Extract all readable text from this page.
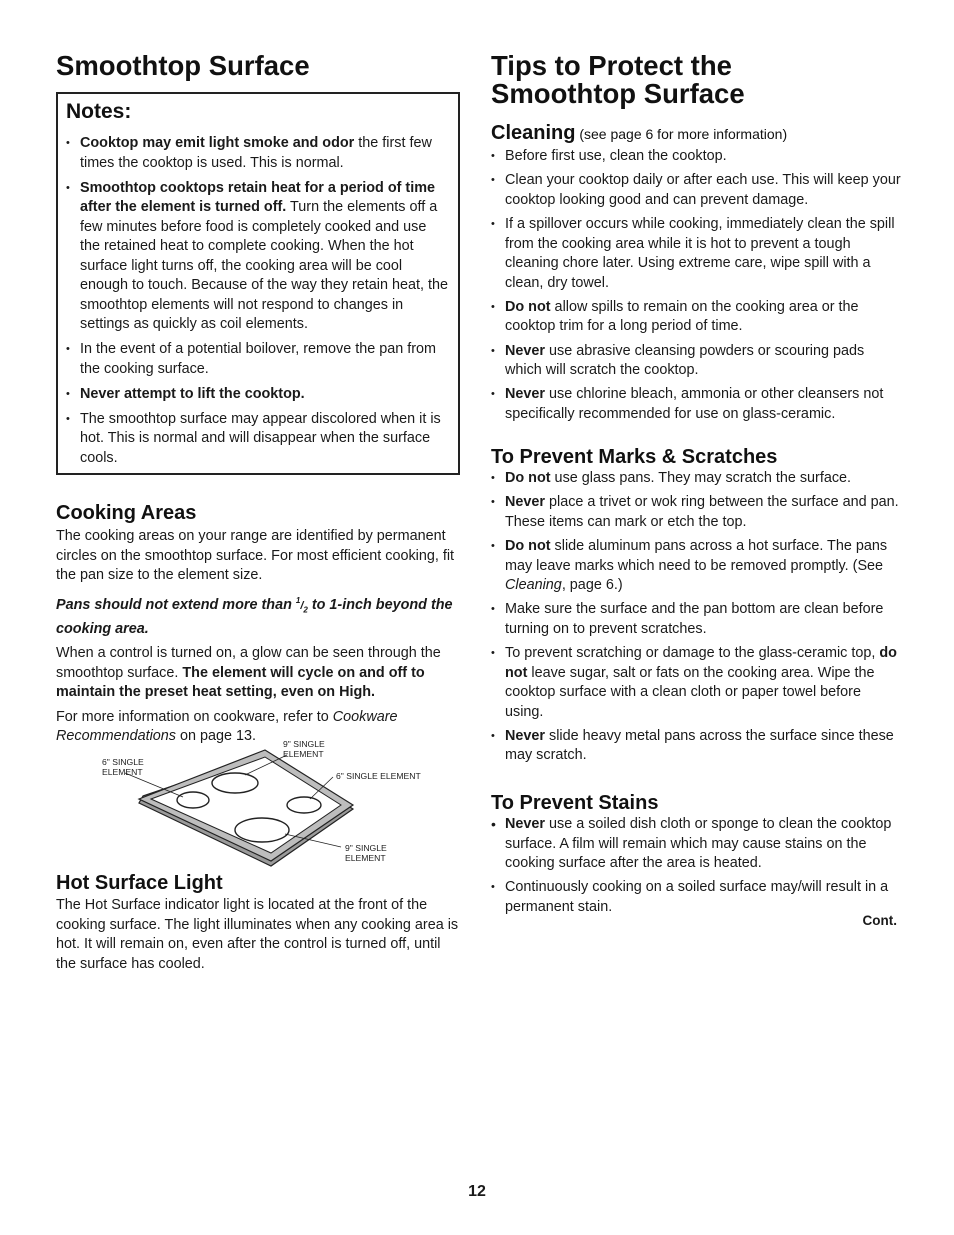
Smoothtop Surface
Notes:
• Cooktop may emit light smoke and odor the first few times the cooktop is used. This is normal.
• Smoothtop cooktops retain heat for a period of time after the element is turned off. Turn the elements off a few minutes before food is completely cooked and use the retained heat to complete cooking. When the hot surface light turns off, the cooking area will be cool enough to touch. Because of the way they retain heat, the smoothtop elements will not respond to changes in settings as quickly as coil elements.
• In the event of a potential boilover, remove the pan from the cooking surface.
• Never attempt to lift the cooktop.
• The smoothtop surface may appear discolored when it is hot. This is normal and will disappear when the surface cools.
Cooking Areas

The cooking areas on your range are identified by permanent circles on the smoothtop surface. For most efficient cooking, fit the pan size to the element size.

Pans should not extend more than $^1/_2$ to 1-inch beyond the cooking area.

When a control is turned on, a glow can be seen through the smoothtop surface. The element will cycle on and off to maintain the preset heat setting, even on High.

For more information on cookware, refer to Cookware Recommendations on page 13.

6" SINGLE
ELEMENT
9" SINGLE
ELEMENT
6" SINGLE ELEMENT
9" SINGLE
ELEMENT
Hot Surface Light

The Hot Surface indicator light is located at the front of the cooking surface. The light illuminates when any cooking area is hot. It will remain on, even after the control is turned off, until the surface has cooled.

Tips to Protect the
Smoothtop Surface
Cleaning (see page 6 for more information)
• Before first use, clean the cooktop.
• Clean your cooktop daily or after each use. This will keep your cooktop looking good and can prevent damage.
• If a spillover occurs while cooking, immediately clean the spill from the cooking area while it is hot to prevent a tough cleaning chore later. Using extreme care, wipe spill with a clean, dry towel.
• Do not allow spills to remain on the cooking area or the cooktop trim for a long period of time.
• Never use abrasive cleansing powders or scouring pads which will scratch the cooktop.
• Never use chlorine bleach, ammonia or other cleansers not specifically recommended for use on glass-ceramic.
To Prevent Marks & Scratches
• Do not use glass pans. They may scratch the surface.
• Never place a trivet or wok ring between the surface and pan. These items can mark or etch the top.
• Do not slide aluminum pans across a hot surface. The pans may leave marks which need to be removed promptly. (See Cleaning, page 6.)
• Make sure the surface and the pan bottom are clean before turning on to prevent scratches.
• To prevent scratching or damage to the glass-ceramic top, do not leave sugar, salt or fats on the cooking area. Wipe the cooktop surface with a clean cloth or paper towel before using.
• Never slide heavy metal pans across the surface since these may scratch.
To Prevent Stains
• Never use a soiled dish cloth or sponge to clean the cooktop surface. A film will remain which may cause stains on the cooking surface after the area is heated.
• Continuously cooking on a soiled surface may/will result in a permanent stain.
Cont.
12
